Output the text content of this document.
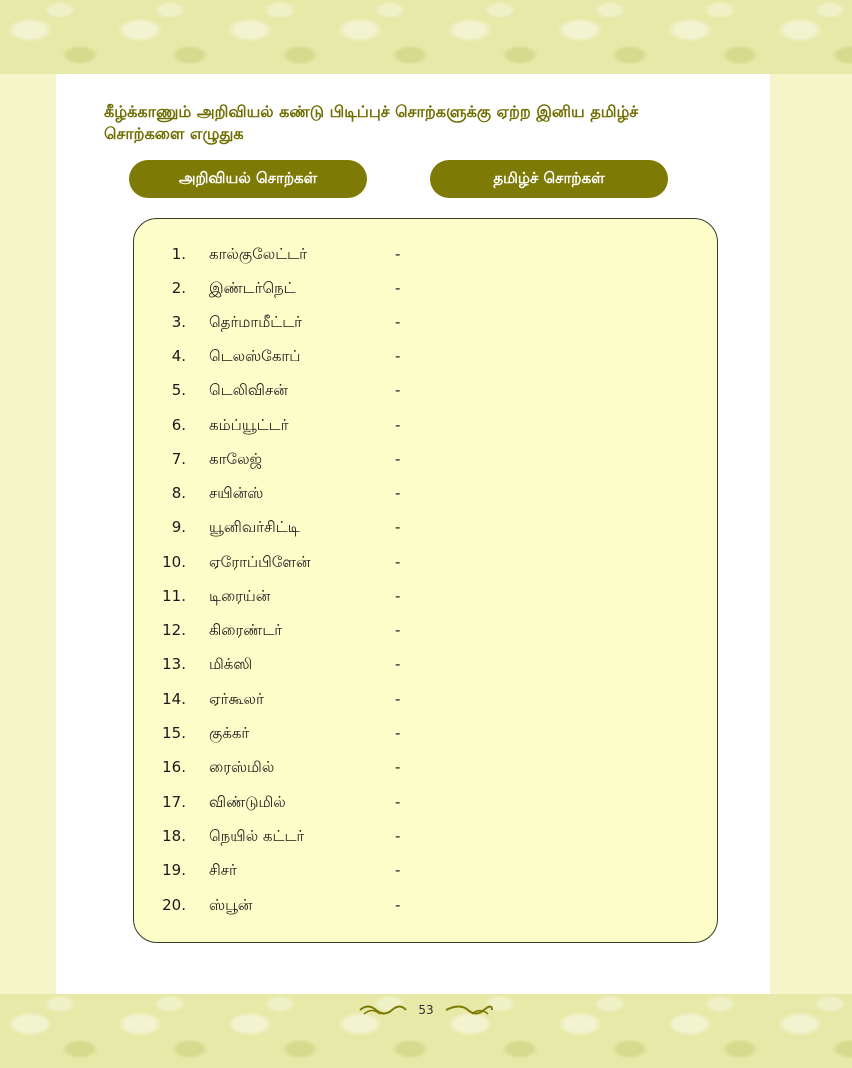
கீழ்க்காணும் அறிவியல் கண்டு பிடிப்புச் சொற்களுக்கு ஏற்ற இனிய தமிழ்ச் சொற்களை எழுதுக

அறிவியல் சொற்கள்	தமிழ்ச் சொற்கள்
1. கால்குலேட்டர்	-
2. இண்டர்நெட்	-
3. தெர்மாமீட்டர்	-
4. டெலஸ்கோப்	-
5. டெலிவிசன்	-
6. கம்ப்யூட்டர்	-
7. காலேஜ்	-
8. சயின்ஸ்	-
9. யூனிவர்சிட்டி	-
10. ஏரோப்பிளேன்	-
11. டிரைய்ன்	-
12. கிரைண்டர்	-
13. மிக்ஸி	-
14. ஏர்கூலர்	-
15. குக்கர்	-
16. ரைஸ்மில்	-
17. விண்டுமில்	-
18. நெயில் கட்டர்	-
19. சிசர்	-
20. ஸ்பூன்	-
53
